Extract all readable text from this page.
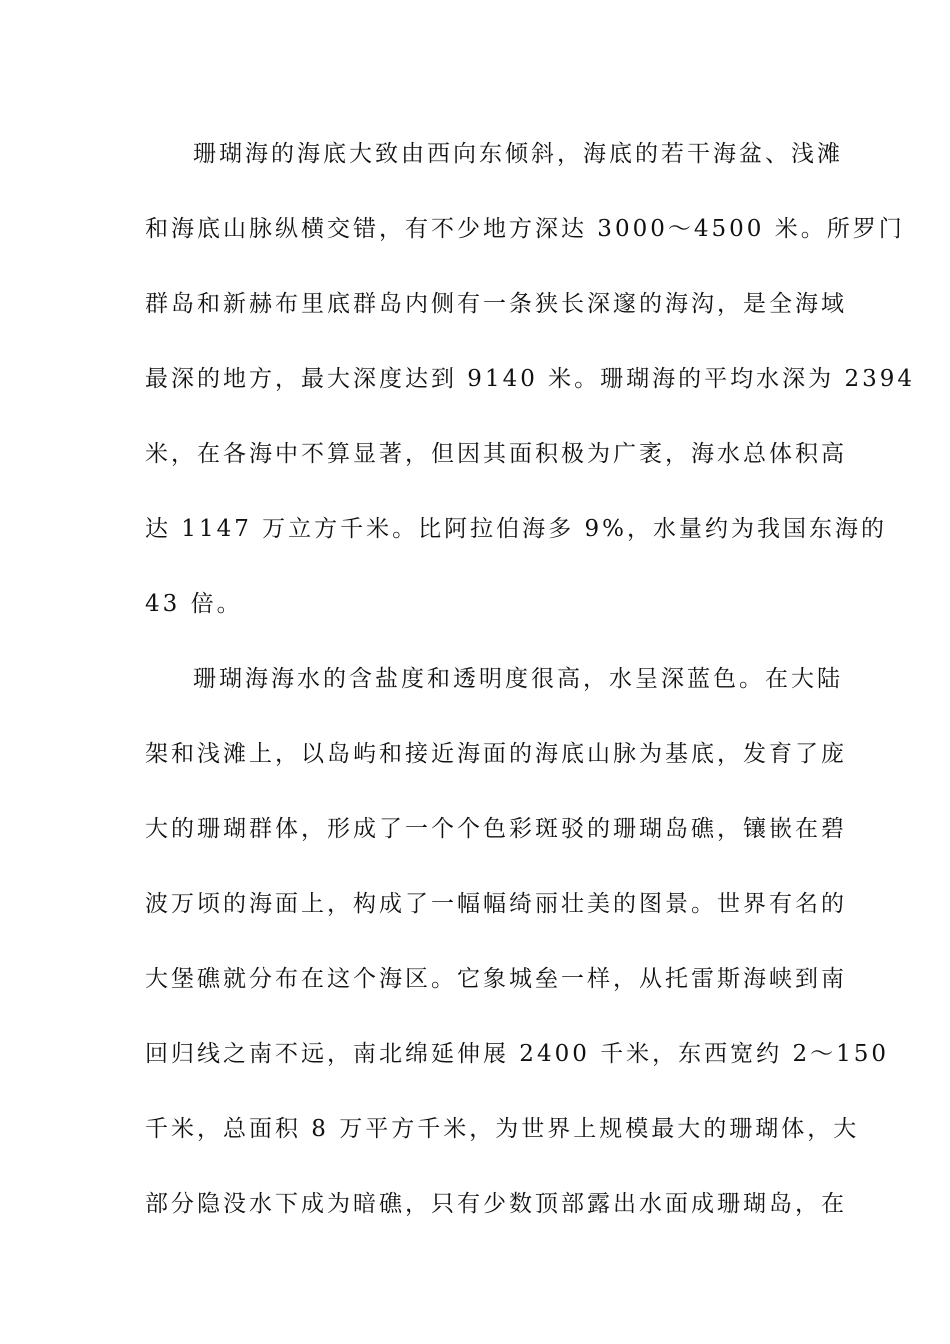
珊瑚海的海底大致由西向东倾斜，海底的若干海盆、浅滩
和海底山脉纵横交错，有不少地方深达 3000～4500 米。所罗门
群岛和新赫布里底群岛内侧有一条狭长深邃的海沟，是全海域
最深的地方，最大深度达到 9140 米。珊瑚海的平均水深为 2394
米，在各海中不算显著，但因其面积极为广袤，海水总体积高
达 1147 万立方千米。比阿拉伯海多 9%，水量约为我国东海的
43 倍。
珊瑚海海水的含盐度和透明度很高，水呈深蓝色。在大陆
架和浅滩上，以岛屿和接近海面的海底山脉为基底，发育了庞
大的珊瑚群体，形成了一个个色彩斑驳的珊瑚岛礁，镶嵌在碧
波万顷的海面上，构成了一幅幅绮丽壮美的图景。世界有名的
大堡礁就分布在这个海区。它象城垒一样，从托雷斯海峡到南
回归线之南不远，南北绵延伸展 2400 千米，东西宽约 2～150
千米，总面积 8 万平方千米，为世界上规模最大的珊瑚体，大
部分隐没水下成为暗礁，只有少数顶部露出水面成珊瑚岛，在
